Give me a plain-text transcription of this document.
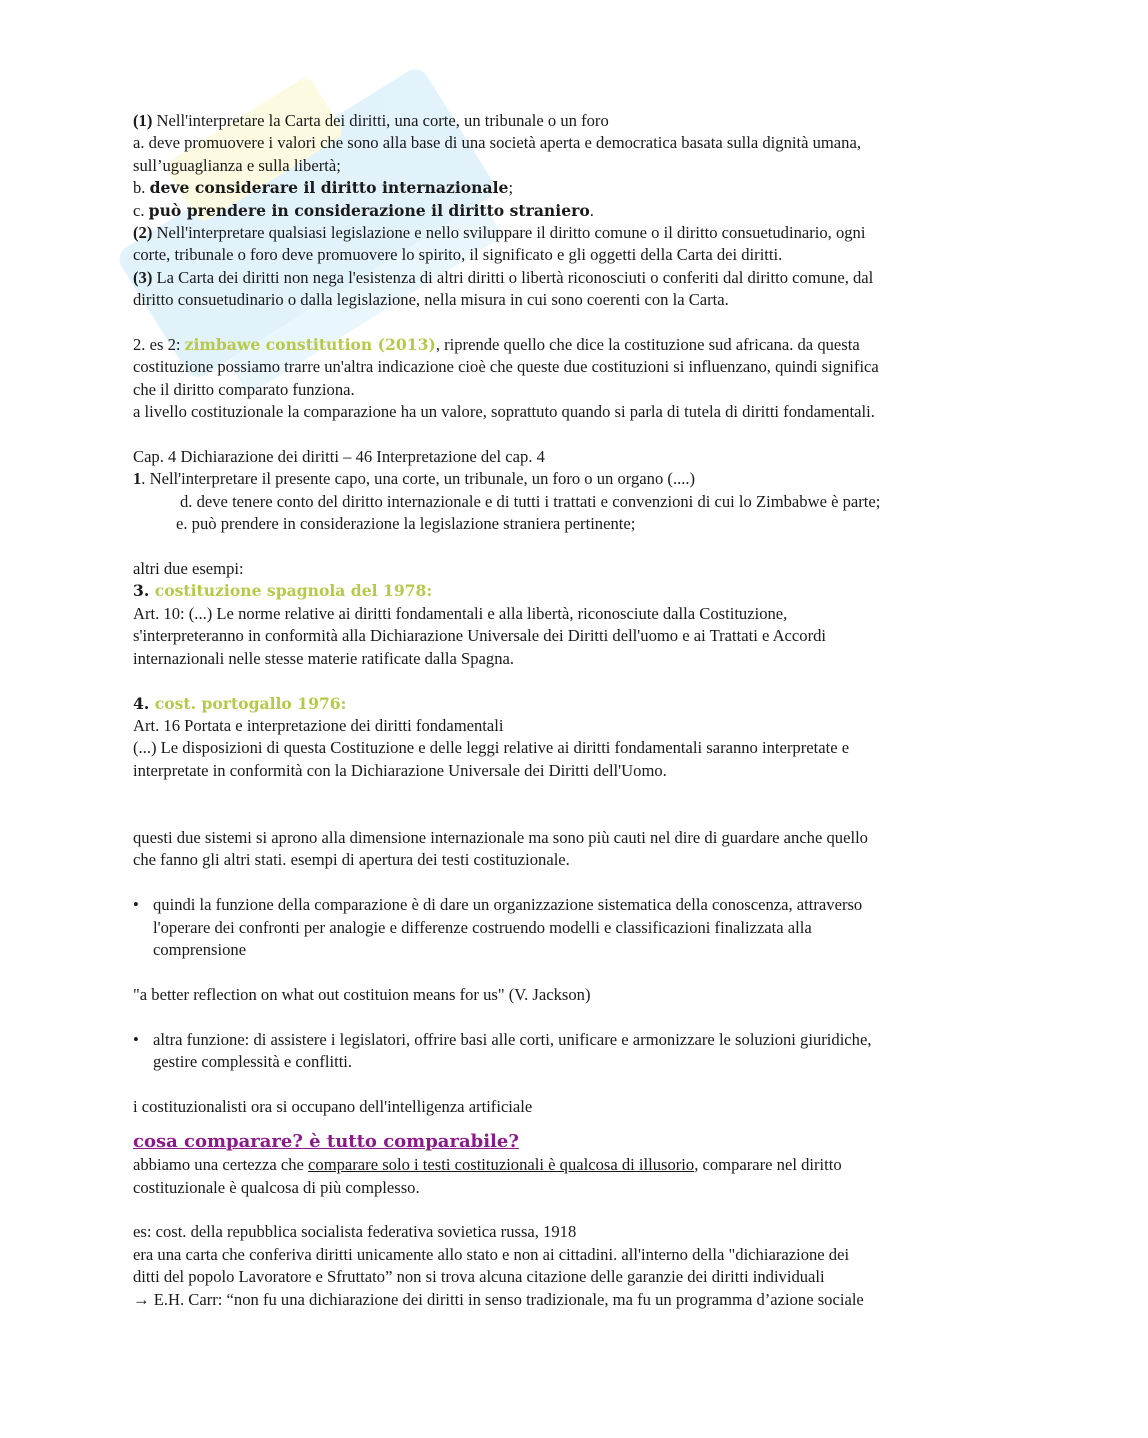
(1) Nell'interpretare la Carta dei diritti, una corte, un tribunale o un foro

a. deve promuovere i valori che sono alla base di una società aperta e democratica basata sulla dignità umana,

sull’uguaglianza e sulla libertà;

b. deve considerare il diritto internazionale;

c. può prendere in considerazione il diritto straniero.

(2) Nell'interpretare qualsiasi legislazione e nello sviluppare il diritto comune o il diritto consuetudinario, ogni

corte, tribunale o foro deve promuovere lo spirito, il significato e gli oggetti della Carta dei diritti.

(3) La Carta dei diritti non nega l'esistenza di altri diritti o libertà riconosciuti o conferiti dal diritto comune, dal

diritto consuetudinario o dalla legislazione, nella misura in cui sono coerenti con la Carta.

2. es 2: zimbawe constitution (2013), riprende quello che dice la costituzione sud africana. da questa

costituzione possiamo trarre un'altra indicazione cioè che queste due costituzioni si influenzano, quindi significa

che il diritto comparato funziona.

a livello costituzionale la comparazione ha un valore, soprattuto quando si parla di tutela di diritti fondamentali.

Cap. 4 Dichiarazione dei diritti – 46 Interpretazione del cap. 4

1. Nell'interpretare il presente capo, una corte, un tribunale, un foro o un organo (....)

d. deve tenere conto del diritto internazionale e di tutti i trattati e convenzioni di cui lo Zimbabwe è parte;

e. può prendere in considerazione la legislazione straniera pertinente;

altri due esempi:

3. costituzione spagnola del 1978:

Art. 10: (...) Le norme relative ai diritti fondamentali e alla libertà, riconosciute dalla Costituzione,

s'interpreteranno in conformità alla Dichiarazione Universale dei Diritti dell'uomo e ai Trattati e Accordi

internazionali nelle stesse materie ratificate dalla Spagna.

4. cost. portogallo 1976:

Art. 16 Portata e interpretazione dei diritti fondamentali

(...) Le disposizioni di questa Costituzione e delle leggi relative ai diritti fondamentali saranno interpretate e

interpretate in conformità con la Dichiarazione Universale dei Diritti dell'Uomo.

questi due sistemi si aprono alla dimensione internazionale ma sono più cauti nel dire di guardare anche quello

che fanno gli altri stati. esempi di apertura dei testi costituzionale.

• quindi la funzione della comparazione è di dare un organizzazione sistematica della conoscenza, attraverso

l'operare dei confronti per analogie e differenze costruendo modelli e classificazioni finalizzata alla

comprensione

"a better reflection on what out costituion means for us" (V. Jackson)

• altra funzione: di assistere i legislatori, offrire basi alle corti, unificare e armonizzare le soluzioni giuridiche,

gestire complessità e conflitti.

i costituzionalisti ora si occupano dell'intelligenza artificiale

cosa comparare? è tutto comparabile?

abbiamo una certezza che comparare solo i testi costituzionali è qualcosa di illusorio, comparare nel diritto

costituzionale è qualcosa di più complesso.

es: cost. della repubblica socialista federativa sovietica russa, 1918

era una carta che conferiva diritti unicamente allo stato e non ai cittadini. all'interno della "dichiarazione dei

ditti del popolo Lavoratore e Sfruttato” non si trova alcuna citazione delle garanzie dei diritti individuali

→ E.H. Carr: “non fu una dichiarazione dei diritti in senso tradizionale, ma fu un programma d’azione sociale
